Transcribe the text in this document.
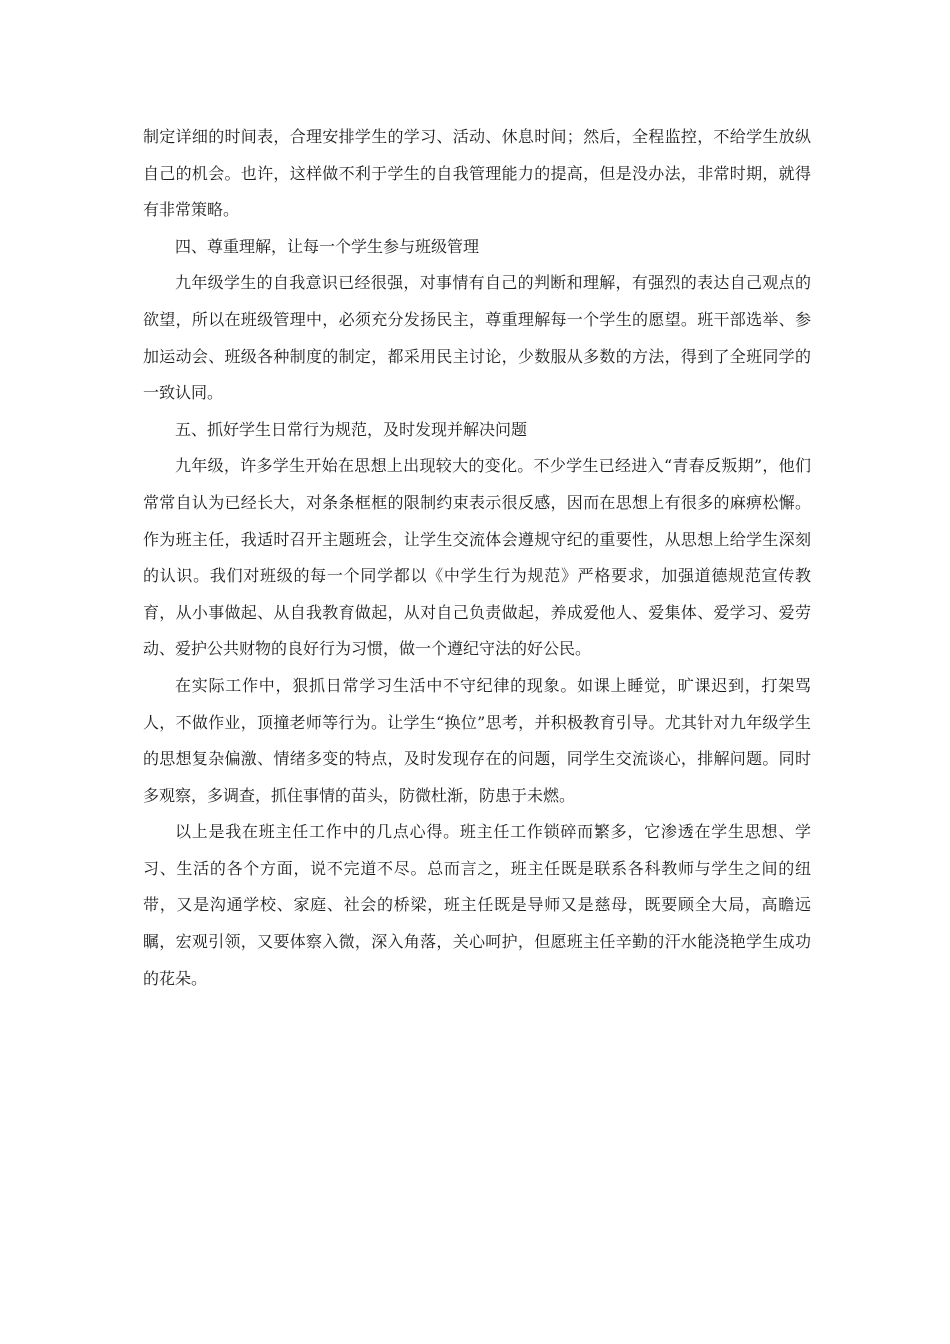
制定详细的时间表，合理安排学生的学习、活动、休息时间；然后，全程监控，不给学生放纵自己的机会。也许，这样做不利于学生的自我管理能力的提高，但是没办法，非常时期，就得有非常策略。

四、尊重理解，让每一个学生参与班级管理

九年级学生的自我意识已经很强，对事情有自己的判断和理解，有强烈的表达自己观点的欲望，所以在班级管理中，必须充分发扬民主，尊重理解每一个学生的愿望。班干部选举、参加运动会、班级各种制度的制定，都采用民主讨论，少数服从多数的方法，得到了全班同学的一致认同。

五、抓好学生日常行为规范，及时发现并解决问题

九年级，许多学生开始在思想上出现较大的变化。不少学生已经进入“青春反叛期”，他们常常自认为已经长大，对条条框框的限制约束表示很反感，因而在思想上有很多的麻痹松懈。作为班主任，我适时召开主题班会，让学生交流体会遵规守纪的重要性，从思想上给学生深刻的认识。我们对班级的每一个同学都以《中学生行为规范》严格要求，加强道德规范宣传教育，从小事做起、从自我教育做起，从对自己负责做起，养成爱他人、爱集体、爱学习、爱劳动、爱护公共财物的良好行为习惯，做一个遵纪守法的好公民。

在实际工作中，狠抓日常学习生活中不守纪律的现象。如课上睡觉，旷课迟到，打架骂人，不做作业，顶撞老师等行为。让学生“换位”思考，并积极教育引导。尤其针对九年级学生的思想复杂偏激、情绪多变的特点，及时发现存在的问题，同学生交流谈心，排解问题。同时多观察，多调查，抓住事情的苗头，防微杜渐，防患于未燃。

以上是我在班主任工作中的几点心得。班主任工作锁碎而繁多，它渗透在学生思想、学习、生活的各个方面，说不完道不尽。总而言之，班主任既是联系各科教师与学生之间的纽带，又是沟通学校、家庭、社会的桥梁，班主任既是导师又是慈母，既要顾全大局，高瞻远瞩，宏观引领，又要体察入微，深入角落，关心呵护，但愿班主任辛勤的汗水能浇艳学生成功的花朵。
